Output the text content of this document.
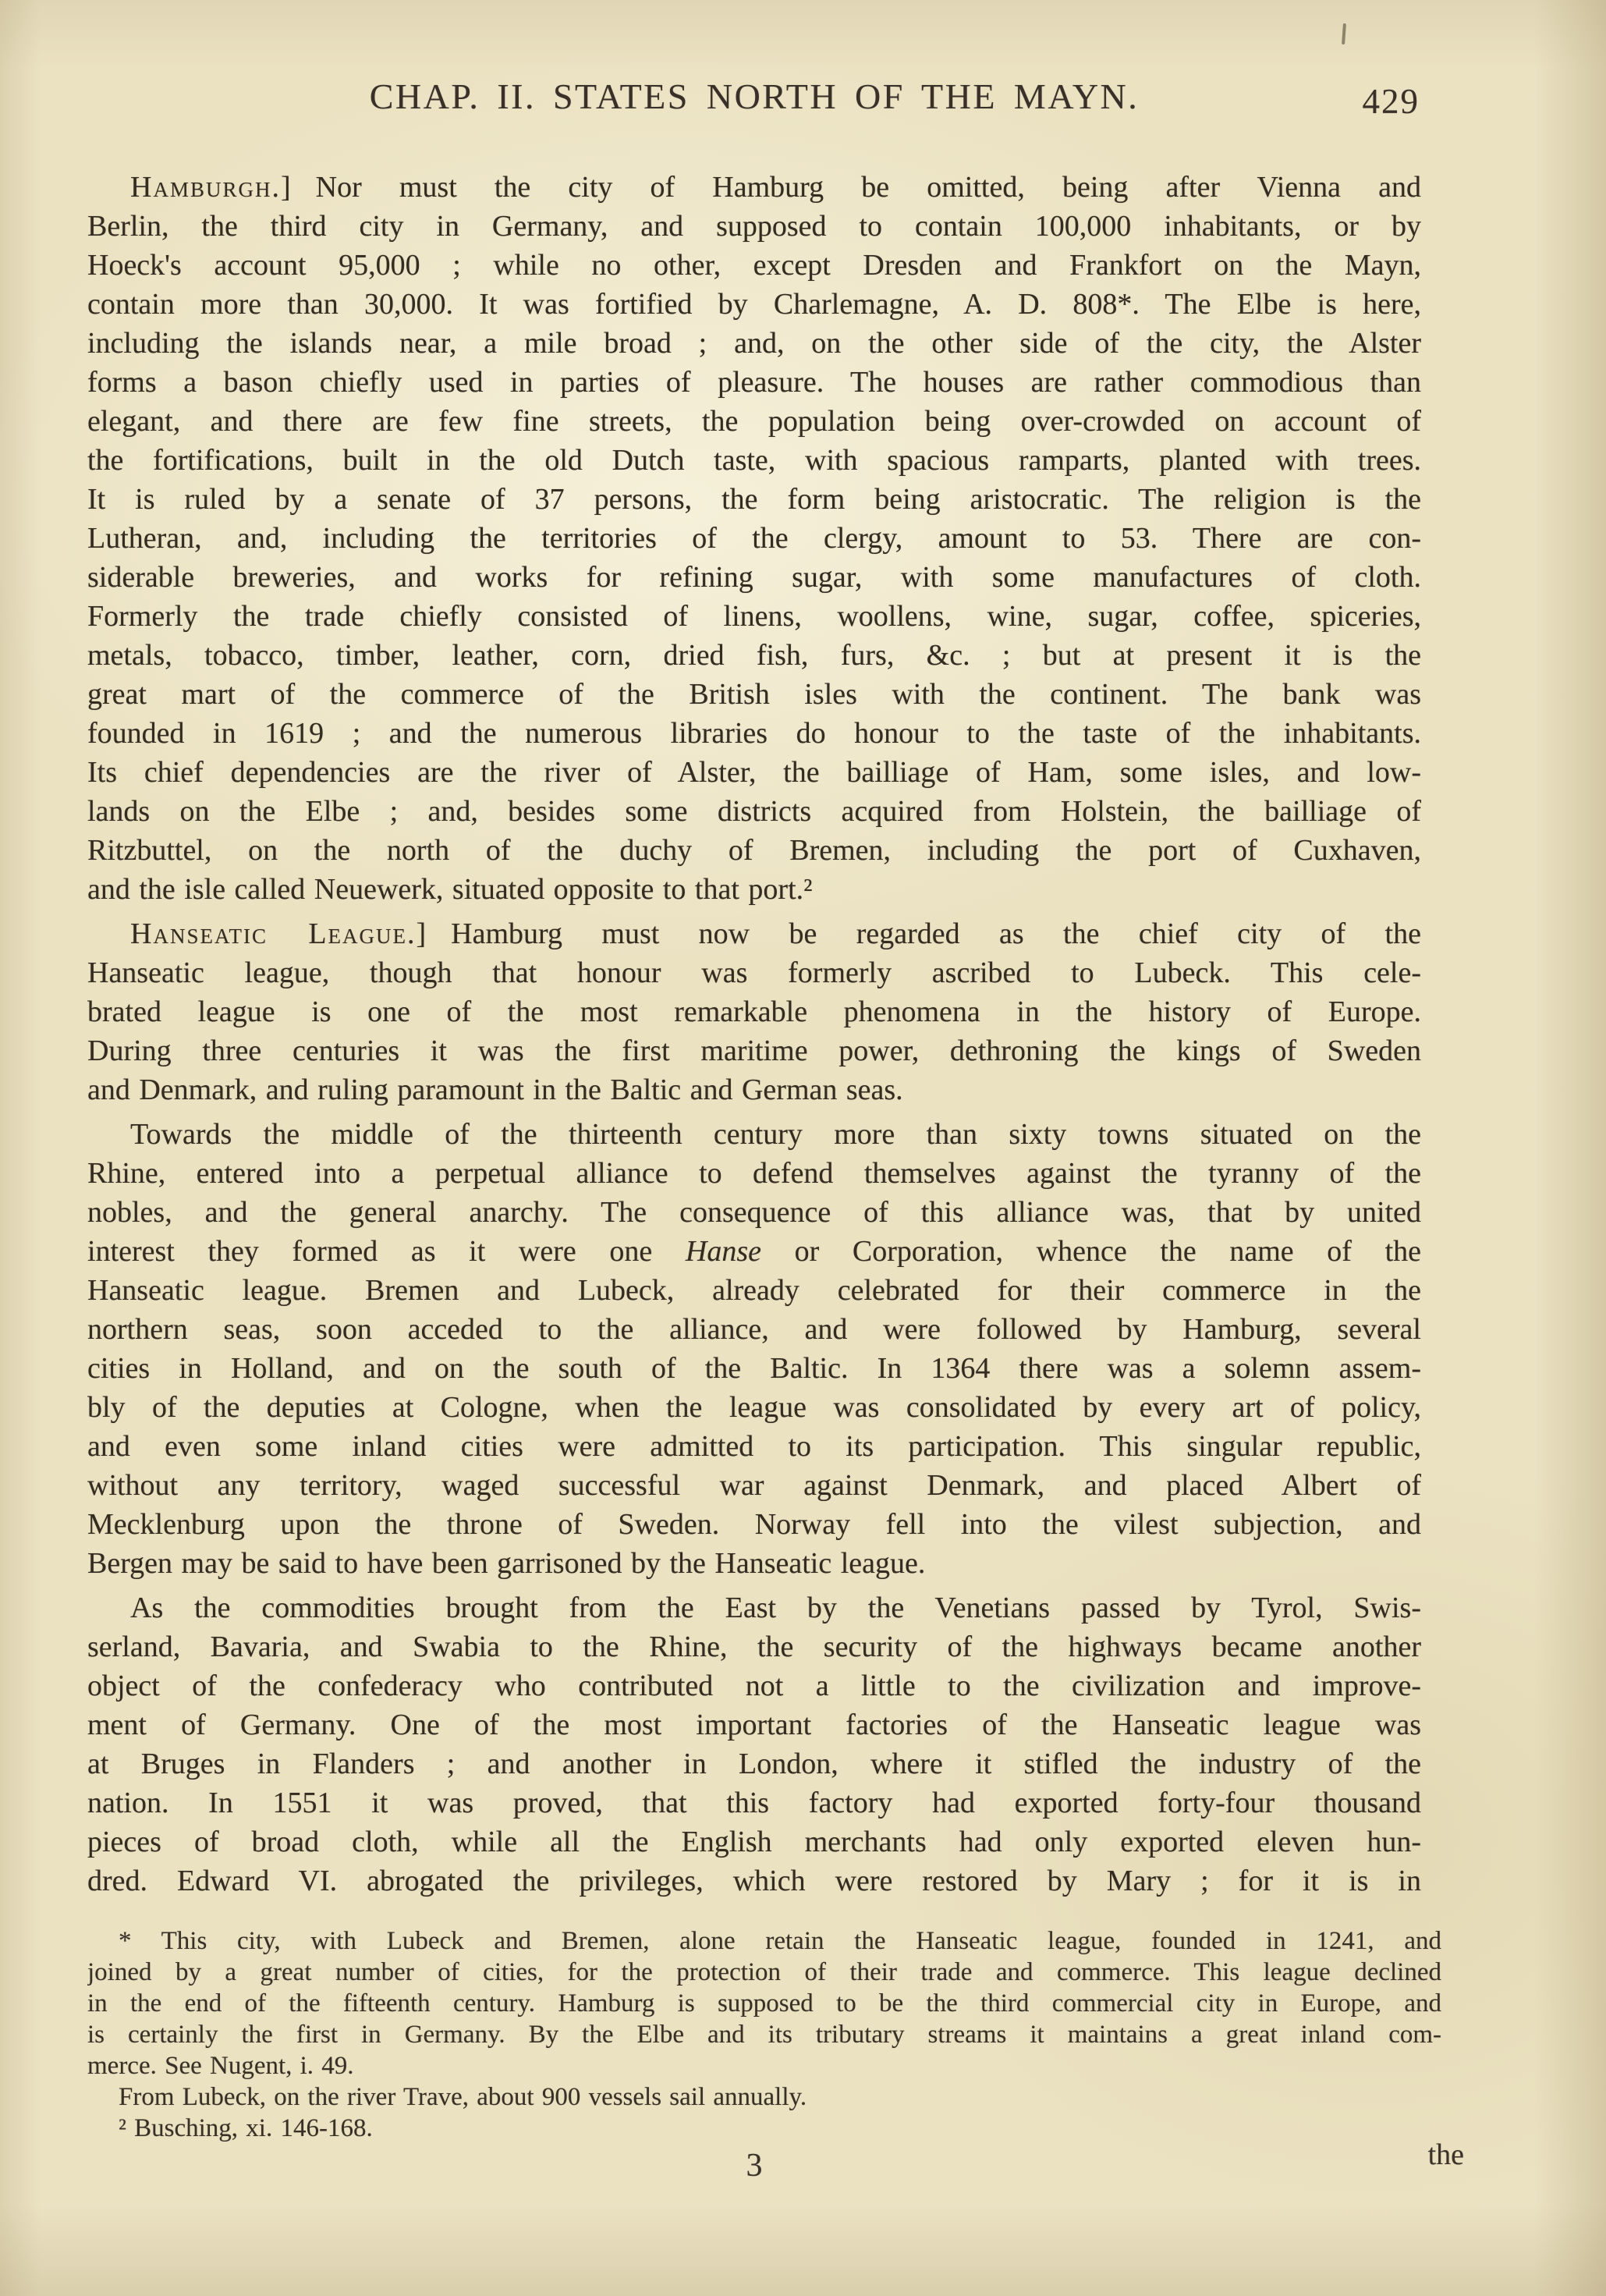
CHAP. II. STATES NORTH OF THE MAYN.	429
Hamburgh.] Nor must the city of Hamburg be omitted, being after Vienna and
Berlin, the third city in Germany, and supposed to contain 100,000 inhabitants, or by
Hoeck's account 95,000 ; while no other, except Dresden and Frankfort on the Mayn,
contain more than 30,000. It was fortified by Charlemagne, A. D. 808*. The Elbe is here,
including the islands near, a mile broad ; and, on the other side of the city, the Alster
forms a bason chiefly used in parties of pleasure. The houses are rather commodious than
elegant, and there are few fine streets, the population being over-crowded on account of
the fortifications, built in the old Dutch taste, with spacious ramparts, planted with trees.
It is ruled by a senate of 37 persons, the form being aristocratic. The religion is the
Lutheran, and, including the territories of the clergy, amount to 53. There are con-
siderable breweries, and works for refining sugar, with some manufactures of cloth.
Formerly the trade chiefly consisted of linens, woollens, wine, sugar, coffee, spiceries,
metals, tobacco, timber, leather, corn, dried fish, furs, &c. ; but at present it is the
great mart of the commerce of the British isles with the continent. The bank was
founded in 1619 ; and the numerous libraries do honour to the taste of the inhabitants.
Its chief dependencies are the river of Alster, the bailliage of Ham, some isles, and low-
lands on the Elbe ; and, besides some districts acquired from Holstein, the bailliage of
Ritzbuttel, on the north of the duchy of Bremen, including the port of Cuxhaven,
and the isle called Neuewerk, situated opposite to that port.²
Hanseatic League.] Hamburg must now be regarded as the chief city of the
Hanseatic league, though that honour was formerly ascribed to Lubeck. This cele-
brated league is one of the most remarkable phenomena in the history of Europe.
During three centuries it was the first maritime power, dethroning the kings of Sweden
and Denmark, and ruling paramount in the Baltic and German seas.
Towards the middle of the thirteenth century more than sixty towns situated on the
Rhine, entered into a perpetual alliance to defend themselves against the tyranny of the
nobles, and the general anarchy. The consequence of this alliance was, that by united
interest they formed as it were one Hanse or Corporation, whence the name of the
Hanseatic league. Bremen and Lubeck, already celebrated for their commerce in the
northern seas, soon acceded to the alliance, and were followed by Hamburg, several
cities in Holland, and on the south of the Baltic. In 1364 there was a solemn assem-
bly of the deputies at Cologne, when the league was consolidated by every art of policy,
and even some inland cities were admitted to its participation. This singular republic,
without any territory, waged successful war against Denmark, and placed Albert of
Mecklenburg upon the throne of Sweden. Norway fell into the vilest subjection, and
Bergen may be said to have been garrisoned by the Hanseatic league.
As the commodities brought from the East by the Venetians passed by Tyrol, Swis-
serland, Bavaria, and Swabia to the Rhine, the security of the highways became another
object of the confederacy who contributed not a little to the civilization and improve-
ment of Germany. One of the most important factories of the Hanseatic league was
at Bruges in Flanders ; and another in London, where it stifled the industry of the
nation. In 1551 it was proved, that this factory had exported forty-four thousand
pieces of broad cloth, while all the English merchants had only exported eleven hun-
dred. Edward VI. abrogated the privileges, which were restored by Mary ; for it is in
* This city, with Lubeck and Bremen, alone retain the Hanseatic league, founded in 1241, and
joined by a great number of cities, for the protection of their trade and commerce. This league declined
in the end of the fifteenth century. Hamburg is supposed to be the third commercial city in Europe, and
is certainly the first in Germany. By the Elbe and its tributary streams it maintains a great inland com-
merce. See Nugent, i. 49.
From Lubeck, on the river Trave, about 900 vessels sail annually.
² Busching, xi. 146-168.
3	the
